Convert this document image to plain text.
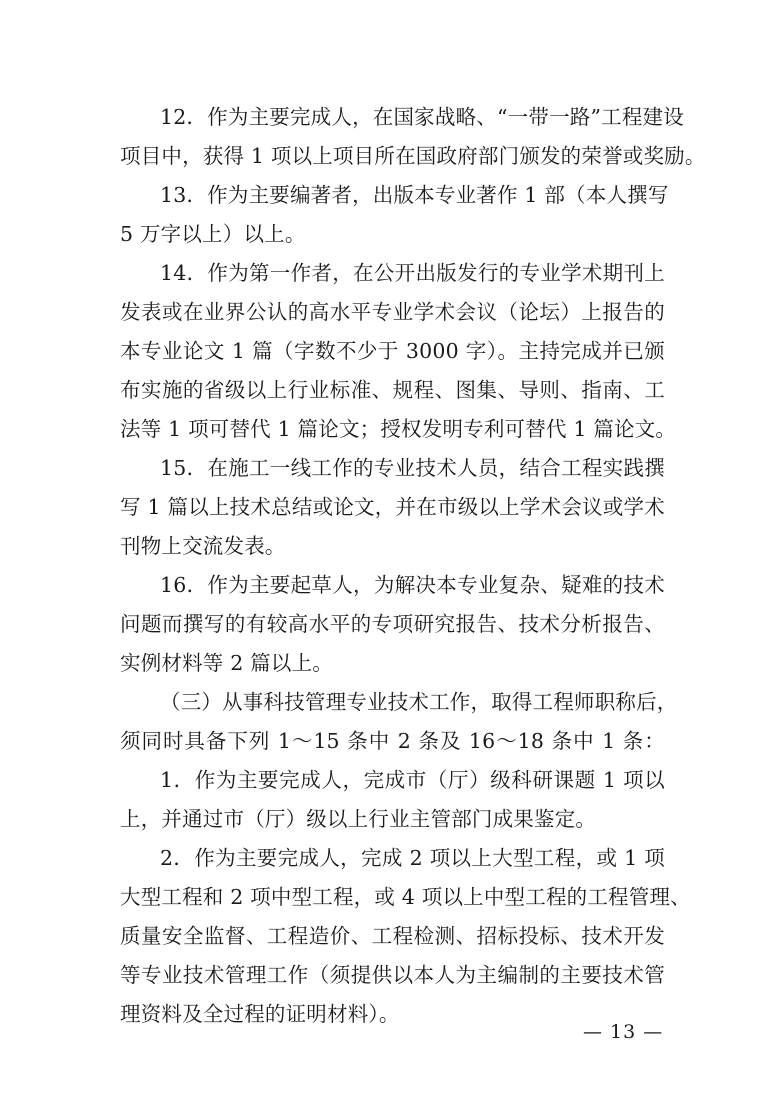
12．作为主要完成人，在国家战略、“一带一路”工程建设
项目中，获得 1 项以上项目所在国政府部门颁发的荣誉或奖励。
13．作为主要编著者，出版本专业著作 1 部（本人撰写
5 万字以上）以上。
14．作为第一作者，在公开出版发行的专业学术期刊上
发表或在业界公认的高水平专业学术会议（论坛）上报告的
本专业论文 1 篇（字数不少于 3000 字）。主持完成并已颁
布实施的省级以上行业标准、规程、图集、导则、指南、工
法等 1 项可替代 1 篇论文；授权发明专利可替代 1 篇论文。
15．在施工一线工作的专业技术人员，结合工程实践撰
写 1 篇以上技术总结或论文，并在市级以上学术会议或学术
刊物上交流发表。
16．作为主要起草人，为解决本专业复杂、疑难的技术
问题而撰写的有较高水平的专项研究报告、技术分析报告、
实例材料等 2 篇以上。
（三）从事科技管理专业技术工作，取得工程师职称后，
须同时具备下列 1～15 条中 2 条及 16～18 条中 1 条：
1．作为主要完成人，完成市（厅）级科研课题 1 项以
上，并通过市（厅）级以上行业主管部门成果鉴定。
2．作为主要完成人，完成 2 项以上大型工程，或 1 项
大型工程和 2 项中型工程，或 4 项以上中型工程的工程管理、
质量安全监督、工程造价、工程检测、招标投标、技术开发
等专业技术管理工作（须提供以本人为主编制的主要技术管
理资料及全过程的证明材料）。
— 13 —
